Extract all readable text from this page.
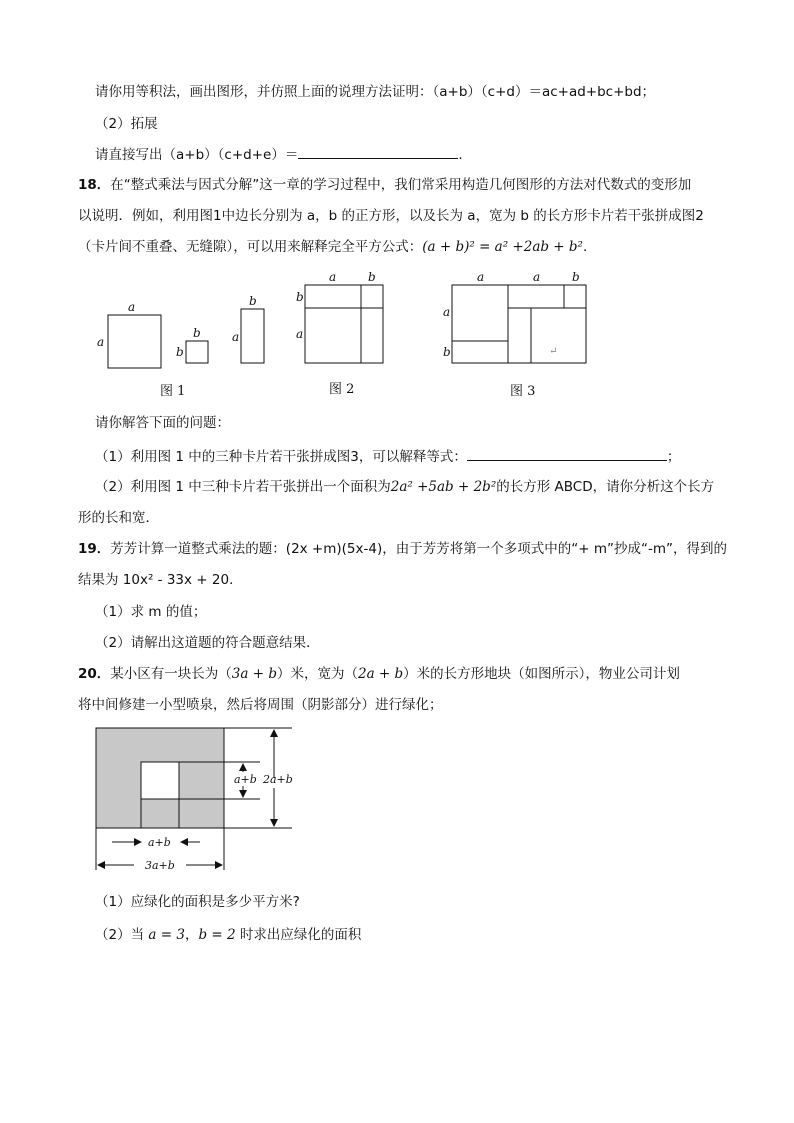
请你用等积法，画出图形，并仿照上面的说理方法证明：（a+b）（c+d）＝ac+ad+bc+bd；
（2）拓展
请直接写出（a+b）（c+d+e）＝	.
18．在“整式乘法与因式分解”这一章的学习过程中，我们常采用构造几何图形的方法对代数式的变形加
以说明．例如，利用图1中边长分别为 a，b 的正方形，以及长为 a，宽为 b 的长方形卡片若干张拼成图2
（卡片间不重叠、无缝隙），可以用来解释完全平方公式：(a + b)² = a² +2ab + b².
a
a
b
b
b
a
a	b
b
a
a	a	b
a
b	↵
图 1	图 2	图 3
请你解答下面的问题：
（1）利用图 1 中的三种卡片若干张拼成图3，可以解释等式：	；
（2）利用图 1 中三种卡片若干张拼出一个面积为2a² +5ab + 2b²的长方形 ABCD，请你分析这个长方
形的长和宽．
19．芳芳计算一道整式乘法的题：(2x +m)(5x-4)，由于芳芳将第一个多项式中的“+ m”抄成“-m”，得到的
结果为 10x² - 33x + 20．
（1）求 m 的值；
（2）请解出这道题的符合题意结果．
20．某小区有一块长为（3a + b）米，宽为（2a + b）米的长方形地块（如图所示），物业公司计划
将中间修建一小型喷泉，然后将周围（阴影部分）进行绿化；
a+b 2a+b
a+b
3a+b
（1）应绿化的面积是多少平方米?
（2）当 a = 3，b = 2 时求出应绿化的面积
